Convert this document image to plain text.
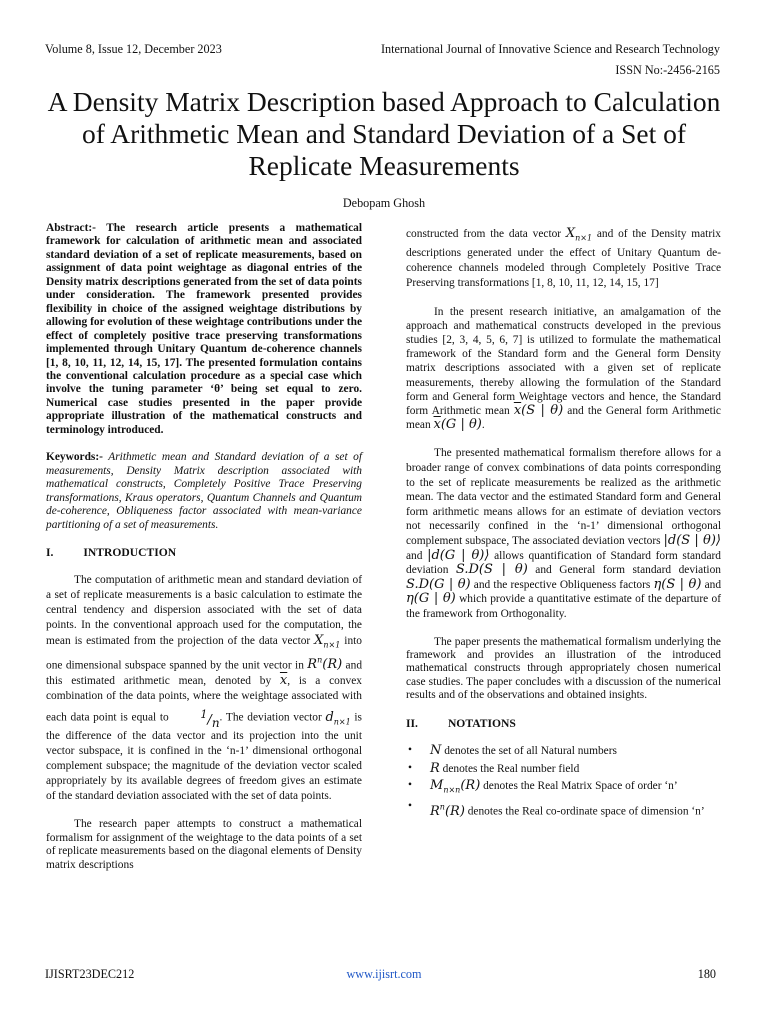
Volume 8, Issue 12, December 2023	International Journal of Innovative Science and Research Technology
ISSN No:-2456-2165
A Density Matrix Description based Approach to Calculation of Arithmetic Mean and Standard Deviation of a Set of Replicate Measurements
Debopam Ghosh

Abstract:- The research article presents a mathematical framework for calculation of arithmetic mean and associated standard deviation of a set of replicate measurements, based on assignment of data point weightage as diagonal entries of the Density matrix descriptions generated from the set of data points under consideration. The framework presented provides flexibility in choice of the assigned weightage distributions by allowing for evolution of these weightage contributions under the effect of completely positive trace preserving transformations implemented through Unitary Quantum de-coherence channels [1, 8, 10, 11, 12, 14, 15, 17]. The presented formulation contains the conventional calculation procedure as a special case which involve the tuning parameter ‘θ’ being set equal to zero. Numerical case studies presented in the paper provide appropriate illustration of the mathematical constructs and terminology introduced.

Keywords:- Arithmetic mean and Standard deviation of a set of measurements, Density Matrix description associated with mathematical constructs, Completely Positive Trace Preserving transformations, Kraus operators, Quantum Channels and Quantum de-coherence, Obliqueness factor associated with mean-variance partitioning of a set of measurements.

I.	INTRODUCTION

The computation of arithmetic mean and standard deviation of a set of replicate measurements is a basic calculation to estimate the central tendency and dispersion associated with the set of data points. In the conventional approach used for the computation, the mean is estimated from the projection of the data vector $X_{n\times 1}$ into one dimensional subspace spanned by the unit vector in $R^n(R)$ and this estimated arithmetic mean, denoted by $\overline{x}$, is a convex combination of the data points, where the weightage associated with each data point is equal to	$^1/_n$. The deviation vector $d_{n\times 1}$ is the difference of the data vector and its projection into the unit vector subspace, it is confined in the ‘n-1’ dimensional orthogonal complement subspace; the magnitude of the deviation vector scaled appropriately by its available degrees of freedom gives an estimate of the standard deviation associated with the set of data points.

The research paper attempts to construct a mathematical formalism for assignment of the weightage to the data points of a set of replicate measurements based on the diagonal elements of Density matrix descriptions

constructed from the data vector $X_{n\times 1}$ and of the Density matrix descriptions generated under the effect of Unitary Quantum de-coherence channels modeled through Completely Positive Trace Preserving transformations [1, 8, 10, 11, 12, 14, 15, 17]

In the present research initiative, an amalgamation of the approach and mathematical constructs developed in the previous studies [2, 3, 4, 5, 6, 7] is utilized to formulate the mathematical framework of the Standard form and the General form Density matrix descriptions associated with a given set of replicate measurements, thereby allowing the formulation of the Standard form and General form Weightage vectors and hence, the Standard form Arithmetic mean $\overline{x}(S$ | θ) and the General form Arithmetic mean $\overline{x}(G$ | θ).

The presented mathematical formalism therefore allows for a broader range of convex combinations of data points corresponding to the set of replicate measurements be realized as the arithmetic mean. The data vector and the estimated Standard form and General form arithmetic means allows for an estimate of deviation vectors not necessarily confined in the ‘n-1’ dimensional orthogonal complement subspace, The associated deviation vectors |d(S | θ)⟩ and |d(G | θ)⟩ allows quantification of Standard form standard deviation S.D(S | θ) and General form standard deviation S.D(G | θ) and the respective Obliqueness factors η(S | θ) and η(G | θ) which provide a quantitative estimate of the departure of the framework from Orthogonality.

The paper presents the mathematical formalism underlying the framework and provides an illustration of the introduced mathematical constructs through appropriately chosen numerical case studies. The paper concludes with a discussion of the numerical results and of the observations and obtained insights.

II.	NOTATIONS

• N denotes the set of all Natural numbers
• R denotes the Real number field
• $M_{n\times n}(R)$ denotes the Real Matrix Space of order ‘n’
• $R^n(R)$ denotes the Real co-ordinate space of dimension ‘n’
IJISRT23DEC212	www.ijisrt.com	180
